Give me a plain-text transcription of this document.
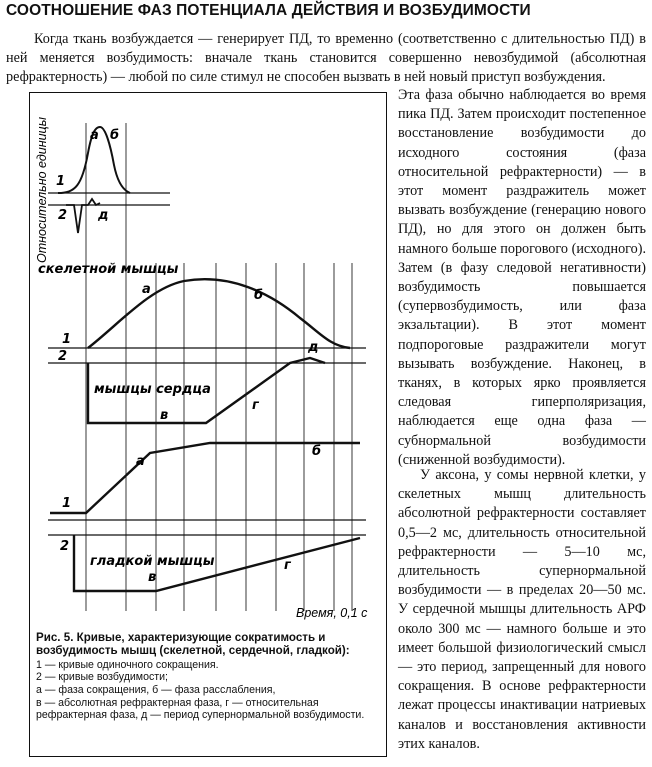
СООТНОШЕНИЕ ФАЗ ПОТЕНЦИАЛА ДЕЙСТВИЯ И ВОЗБУДИМОСТИ

Когда ткань возбуждается — генерирует ПД, то временно (соответственно с длительностью ПД) в ней меняется возбудимость: вначале ткань становится совершенно невозбудимой (абсолютная рефрактерность) — любой по силе стимул не способен вызвать в ней новый приступ возбуждения.

Эта фаза обычно наблюдается во время пика ПД. Затем происходит постепенное восстановление возбудимости до исходного состояния (фаза относительной рефрактерности) — в этот момент раздражитель может вызвать возбуждение (генерацию нового ПД), но для этого он должен быть намного больше порогового (исходного). Затем (в фазу следовой негативности) возбудимость повышается (супервозбудимость, или фаза экзальтации). В этот момент подпороговые раздражители могут вызывать возбуждение. Наконец, в тканях, в которых ярко проявляется следовая гиперполяризация, наблюдается еще одна фаза — субнормальной возбудимости (сниженной возбудимости).

У аксона, у сомы нервной клетки, у скелетных мышц длительность абсолютной рефрактерности составляет 0,5—2 мс, длительность относительной рефрактерности — 5—10 мс, длительность супернормальной возбудимости — в пределах 20—50 мс. У сердечной мышцы длительность АРФ около 300 мс — намного больше и это имеет большой физиологический смысл — это период, запрещенный для нового сокращения. В основе рефрактерности лежат процессы инактивации натриевых каналов и восстановления активности этих каналов.

Относительно единицы
Время, 0,1 с
скелетной мышцы
мышцы сердца
гладкой мышцы
1
2
а б
д
1
2
а	б
в
г
д
1
а
б
2
в
г
Рис. 5. Кривые, характеризующие сократимость и возбудимость мышц (скелетной, сердечной, гладкой):
1 — кривые одиночного сокращения.
2 — кривые возбудимости;
а — фаза сокращения, б — фаза расслабления,
в — абсолютная рефрактерная фаза, г — относительная рефрактерная фаза, д — период супернормальной возбудимости.
